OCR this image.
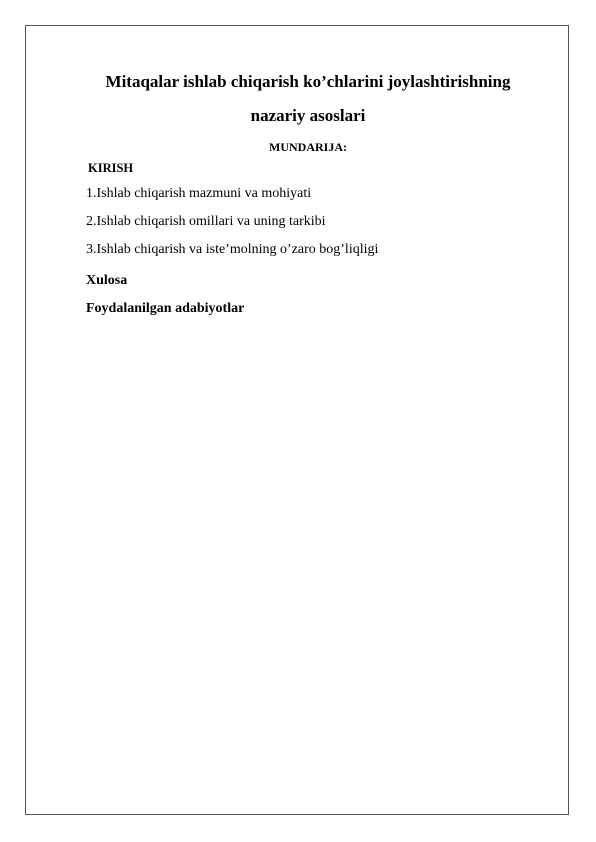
Mitaqalar ishlab chiqarish ko’chlarini joylashtirishning
nazariy asoslari
MUNDARIJA:
KIRISH
1.Ishlab chiqarish mazmuni va mohiyati
2.Ishlab chiqarish omillari va uning tarkibi
3.Ishlab chiqarish va iste’molning o’zaro bog’liqligi
Xulosa
Foydalanilgan adabiyotlar
